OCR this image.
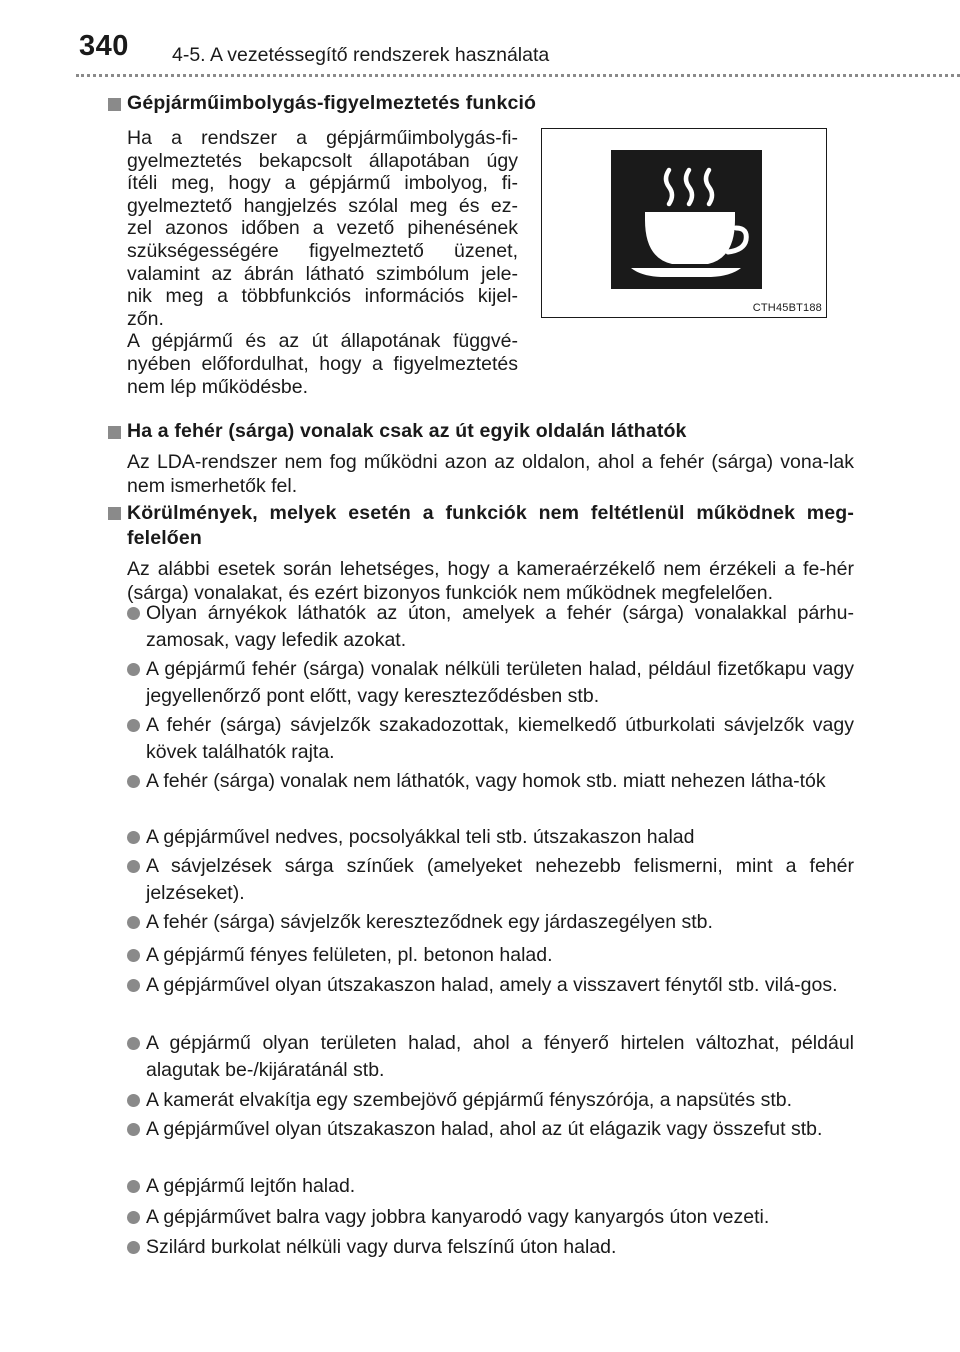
340 4-5. A vezetéssegítő rendszerek használata
Gépjárműimbolygás-figyelmeztetés funkció
Ha a rendszer a gépjárműimbolygás-fi-
gyelmeztetés bekapcsolt állapotában úgy
ítéli meg, hogy a gépjármű imbolyog, fi-
gyelmeztető hangjelzés szólal meg és ez-
zel azonos időben a vezető pihenésének
szükségességére figyelmeztető üzenet,
valamint az ábrán látható szimbólum jele-
nik meg a többfunkciós információs kijel-
zőn.
A gépjármű és az út állapotának függvé-
nyében előfordulhat, hogy a figyelmeztetés
nem lép működésbe.
CTH45BT188
Ha a fehér (sárga) vonalak csak az út egyik oldalán láthatók
Az LDA-rendszer nem fog működni azon az oldalon, ahol a fehér (sárga) vona-lak nem ismerhetők fel.
Körülmények, melyek esetén a funkciók nem feltétlenül működnek meg-
felelően
Az alábbi esetek során lehetséges, hogy a kameraérzékelő nem érzékeli a fe-hér (sárga) vonalakat, és ezért bizonyos funkciók nem működnek megfelelően.
Olyan árnyékok láthatók az úton, amelyek a fehér (sárga) vonalakkal párhu-zamosak, vagy lefedik azokat.
A gépjármű fehér (sárga) vonalak nélküli területen halad, például fizetőkapu vagy jegyellenőrző pont előtt, vagy kereszteződésben stb.
A fehér (sárga) sávjelzők szakadozottak, kiemelkedő útburkolati sávjelzők vagy kövek találhatók rajta.
A fehér (sárga) vonalak nem láthatók, vagy homok stb. miatt nehezen látha-tók
A gépjárművel nedves, pocsolyákkal teli stb. útszakaszon halad
A sávjelzések sárga színűek (amelyeket nehezebb felismerni, mint a fehér jelzéseket).
A fehér (sárga) sávjelzők kereszteződnek egy járdaszegélyen stb.
A gépjármű fényes felületen, pl. betonon halad.
A gépjárművel olyan útszakaszon halad, amely a visszavert fénytől stb. vilá-gos.
A gépjármű olyan területen halad, ahol a fényerő hirtelen változhat, például alagutak be-/kijáratánál stb.
A kamerát elvakítja egy szembejövő gépjármű fényszórója, a napsütés stb.
A gépjárművel olyan útszakaszon halad, ahol az út elágazik vagy összefut stb.
A gépjármű lejtőn halad.
A gépjárművet balra vagy jobbra kanyarodó vagy kanyargós úton vezeti.
Szilárd burkolat nélküli vagy durva felszínű úton halad.
